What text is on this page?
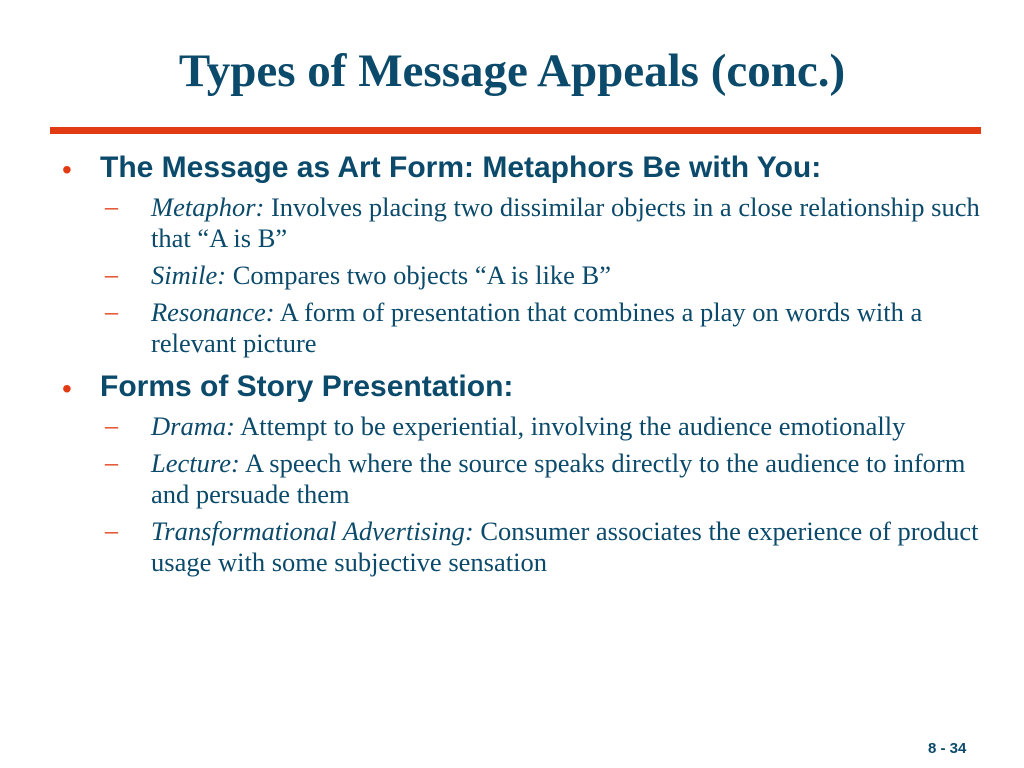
Types of Message Appeals (conc.)
• The Message as Art Form: Metaphors Be with You:
– Metaphor: Involves placing two dissimilar objects in a close relationship such that “A is B”
– Simile: Compares two objects “A is like B”
– Resonance: A form of presentation that combines a play on words with a relevant picture
• Forms of Story Presentation:
– Drama: Attempt to be experiential, involving the audience emotionally
– Lecture: A speech where the source speaks directly to the audience to inform and persuade them
– Transformational Advertising: Consumer associates the experience of product usage with some subjective sensation
8 - 34
